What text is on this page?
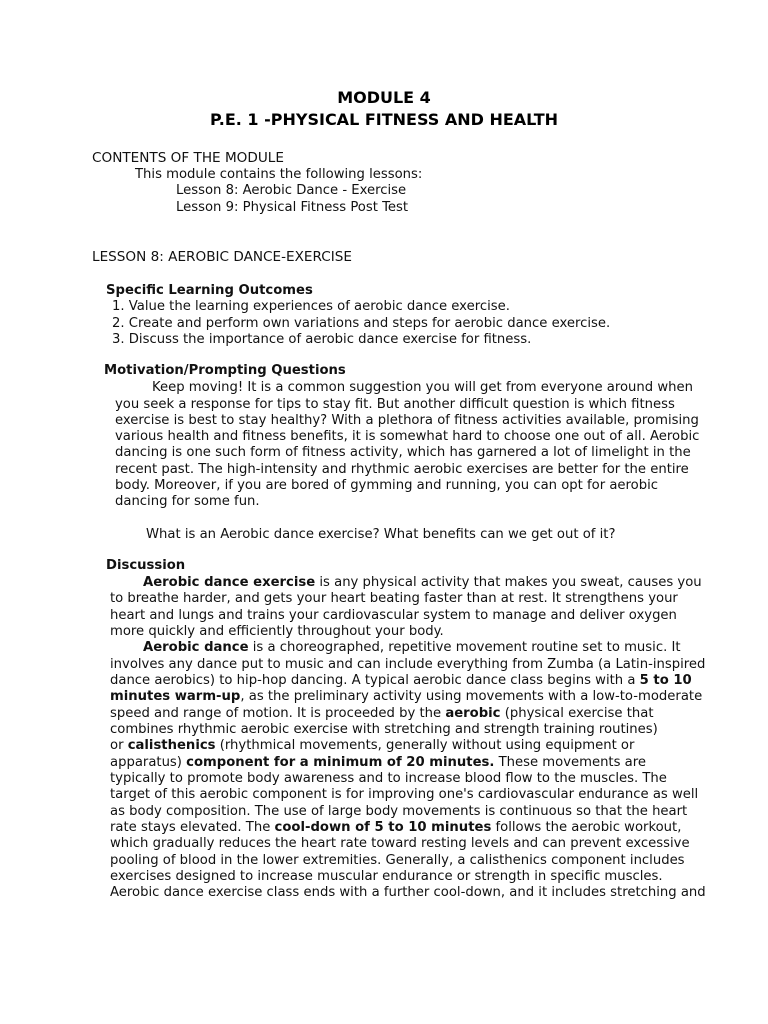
MODULE 4
P.E. 1 -PHYSICAL FITNESS AND HEALTH
CONTENTS OF THE MODULE
This module contains the following lessons:
Lesson 8: Aerobic Dance - Exercise
Lesson 9: Physical Fitness Post Test
LESSON 8: AEROBIC DANCE-EXERCISE
Specific Learning Outcomes
1. Value the learning experiences of aerobic dance exercise.
2. Create and perform own variations and steps for aerobic dance exercise.
3. Discuss the importance of aerobic dance exercise for fitness.
Motivation/Prompting Questions
Keep moving! It is a common suggestion you will get from everyone around when
you seek a response for tips to stay fit. But another difficult question is which fitness
exercise is best to stay healthy? With a plethora of fitness activities available, promising
various health and fitness benefits, it is somewhat hard to choose one out of all. Aerobic
dancing is one such form of fitness activity, which has garnered a lot of limelight in the
recent past. The high-intensity and rhythmic aerobic exercises are better for the entire
body. Moreover, if you are bored of gymming and running, you can opt for aerobic
dancing for some fun.
What is an Aerobic dance exercise? What benefits can we get out of it?
Discussion
Aerobic dance exercise is any physical activity that makes you sweat, causes you
to breathe harder, and gets your heart beating faster than at rest. It strengthens your
heart and lungs and trains your cardiovascular system to manage and deliver oxygen
more quickly and efficiently throughout your body.
Aerobic dance is a choreographed, repetitive movement routine set to music. It
involves any dance put to music and can include everything from Zumba (a Latin-inspired
dance aerobics) to hip-hop dancing. A typical aerobic dance class begins with a 5 to 10
minutes warm-up, as the preliminary activity using movements with a low-to-moderate
speed and range of motion. It is proceeded by the aerobic (physical exercise that
combines rhythmic aerobic exercise with stretching and strength training routines)
or calisthenics (rhythmical movements, generally without using equipment or
apparatus) component for a minimum of 20 minutes. These movements are
typically to promote body awareness and to increase blood flow to the muscles. The
target of this aerobic component is for improving one's cardiovascular endurance as well
as body composition. The use of large body movements is continuous so that the heart
rate stays elevated. The cool-down of 5 to 10 minutes follows the aerobic workout,
which gradually reduces the heart rate toward resting levels and can prevent excessive
pooling of blood in the lower extremities. Generally, a calisthenics component includes
exercises designed to increase muscular endurance or strength in specific muscles.
Aerobic dance exercise class ends with a further cool-down, and it includes stretching and
